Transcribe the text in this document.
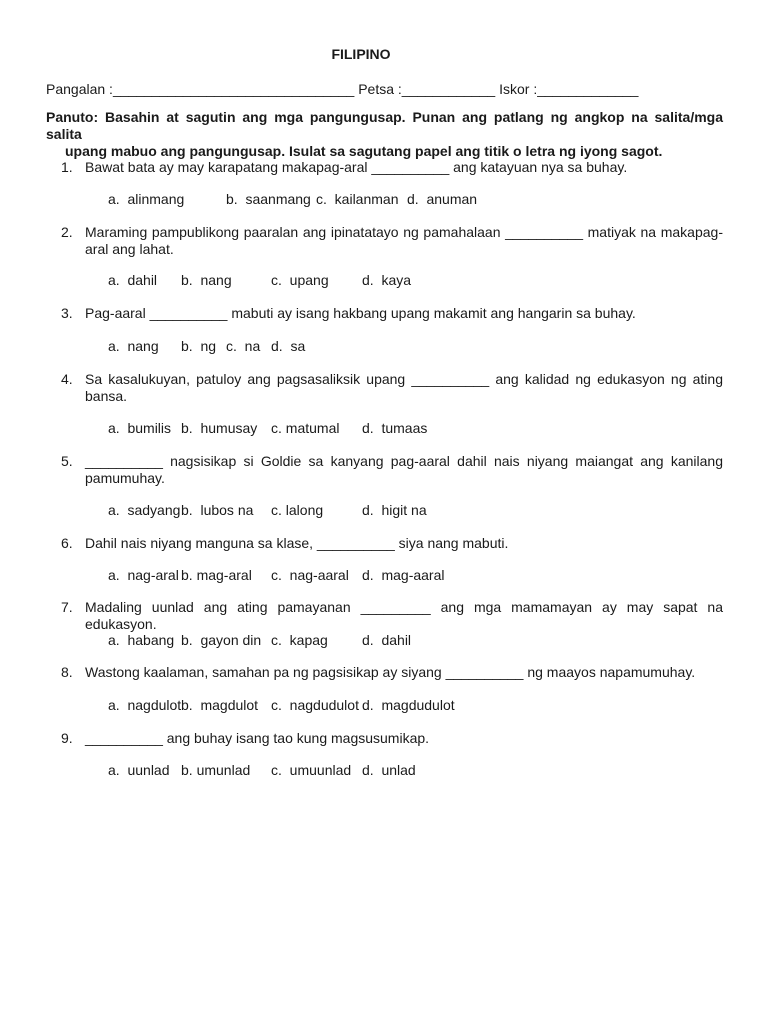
FILIPINO
Pangalan :_______________________________ Petsa :____________ Iskor :_____________
Panuto: Basahin at sagutin ang mga pangungusap. Punan ang patlang ng angkop na salita/mga salita
upang mabuo ang pangungusap. Isulat sa sagutang papel ang titik o letra ng iyong sagot.
1. Bawat bata ay may karapatang makapag-aral __________ ang katayuan nya sa buhay.
a.  alinmang	b.  saanmang c.  kailanman d.  anuman
2. Maraming pampublikong paaralan ang ipinatatayo ng pamahalaan __________ matiyak na makapag-aral ang lahat.
a.  dahil b.  nang	c.  upang d.  kaya
3. Pag-aaral __________ mabuti ay isang hakbang upang makamit ang hangarin sa buhay.
a.  nang b.  ng c.  na d.  sa
4. Sa kasalukuyan, patuloy ang pagsasaliksik upang __________ ang kalidad ng edukasyon ng ating bansa.
a.  bumilis b.  humusay c. matumal d.  tumaas
5. __________ nagsisikap si Goldie sa kanyang pag-aaral dahil nais niyang maiangat ang kanilang pamumuhay.
a.  sadyang b.  lubos na c. lalong	d.  higit na
6. Dahil nais niyang manguna sa klase, __________ siya nang mabuti.
a.  nag-aral b. mag-aral c.  nag-aaral d.  mag-aaral
7. Madaling uunlad ang ating pamayanan _________ ang mga mamamayan ay may sapat na edukasyon.
a.  habang b.  gayon din c.  kapag d.  dahil
8. Wastong kaalaman, samahan pa ng pagsisikap ay siyang __________ ng maayos napamumuhay.
a.  nagdulot b.  magdulot c.  nagdudulot d.  magdudulot
9. __________ ang buhay isang tao kung magsusumikap.
a.  uunlad b. umunlad c.  umuunlad d.  unlad
